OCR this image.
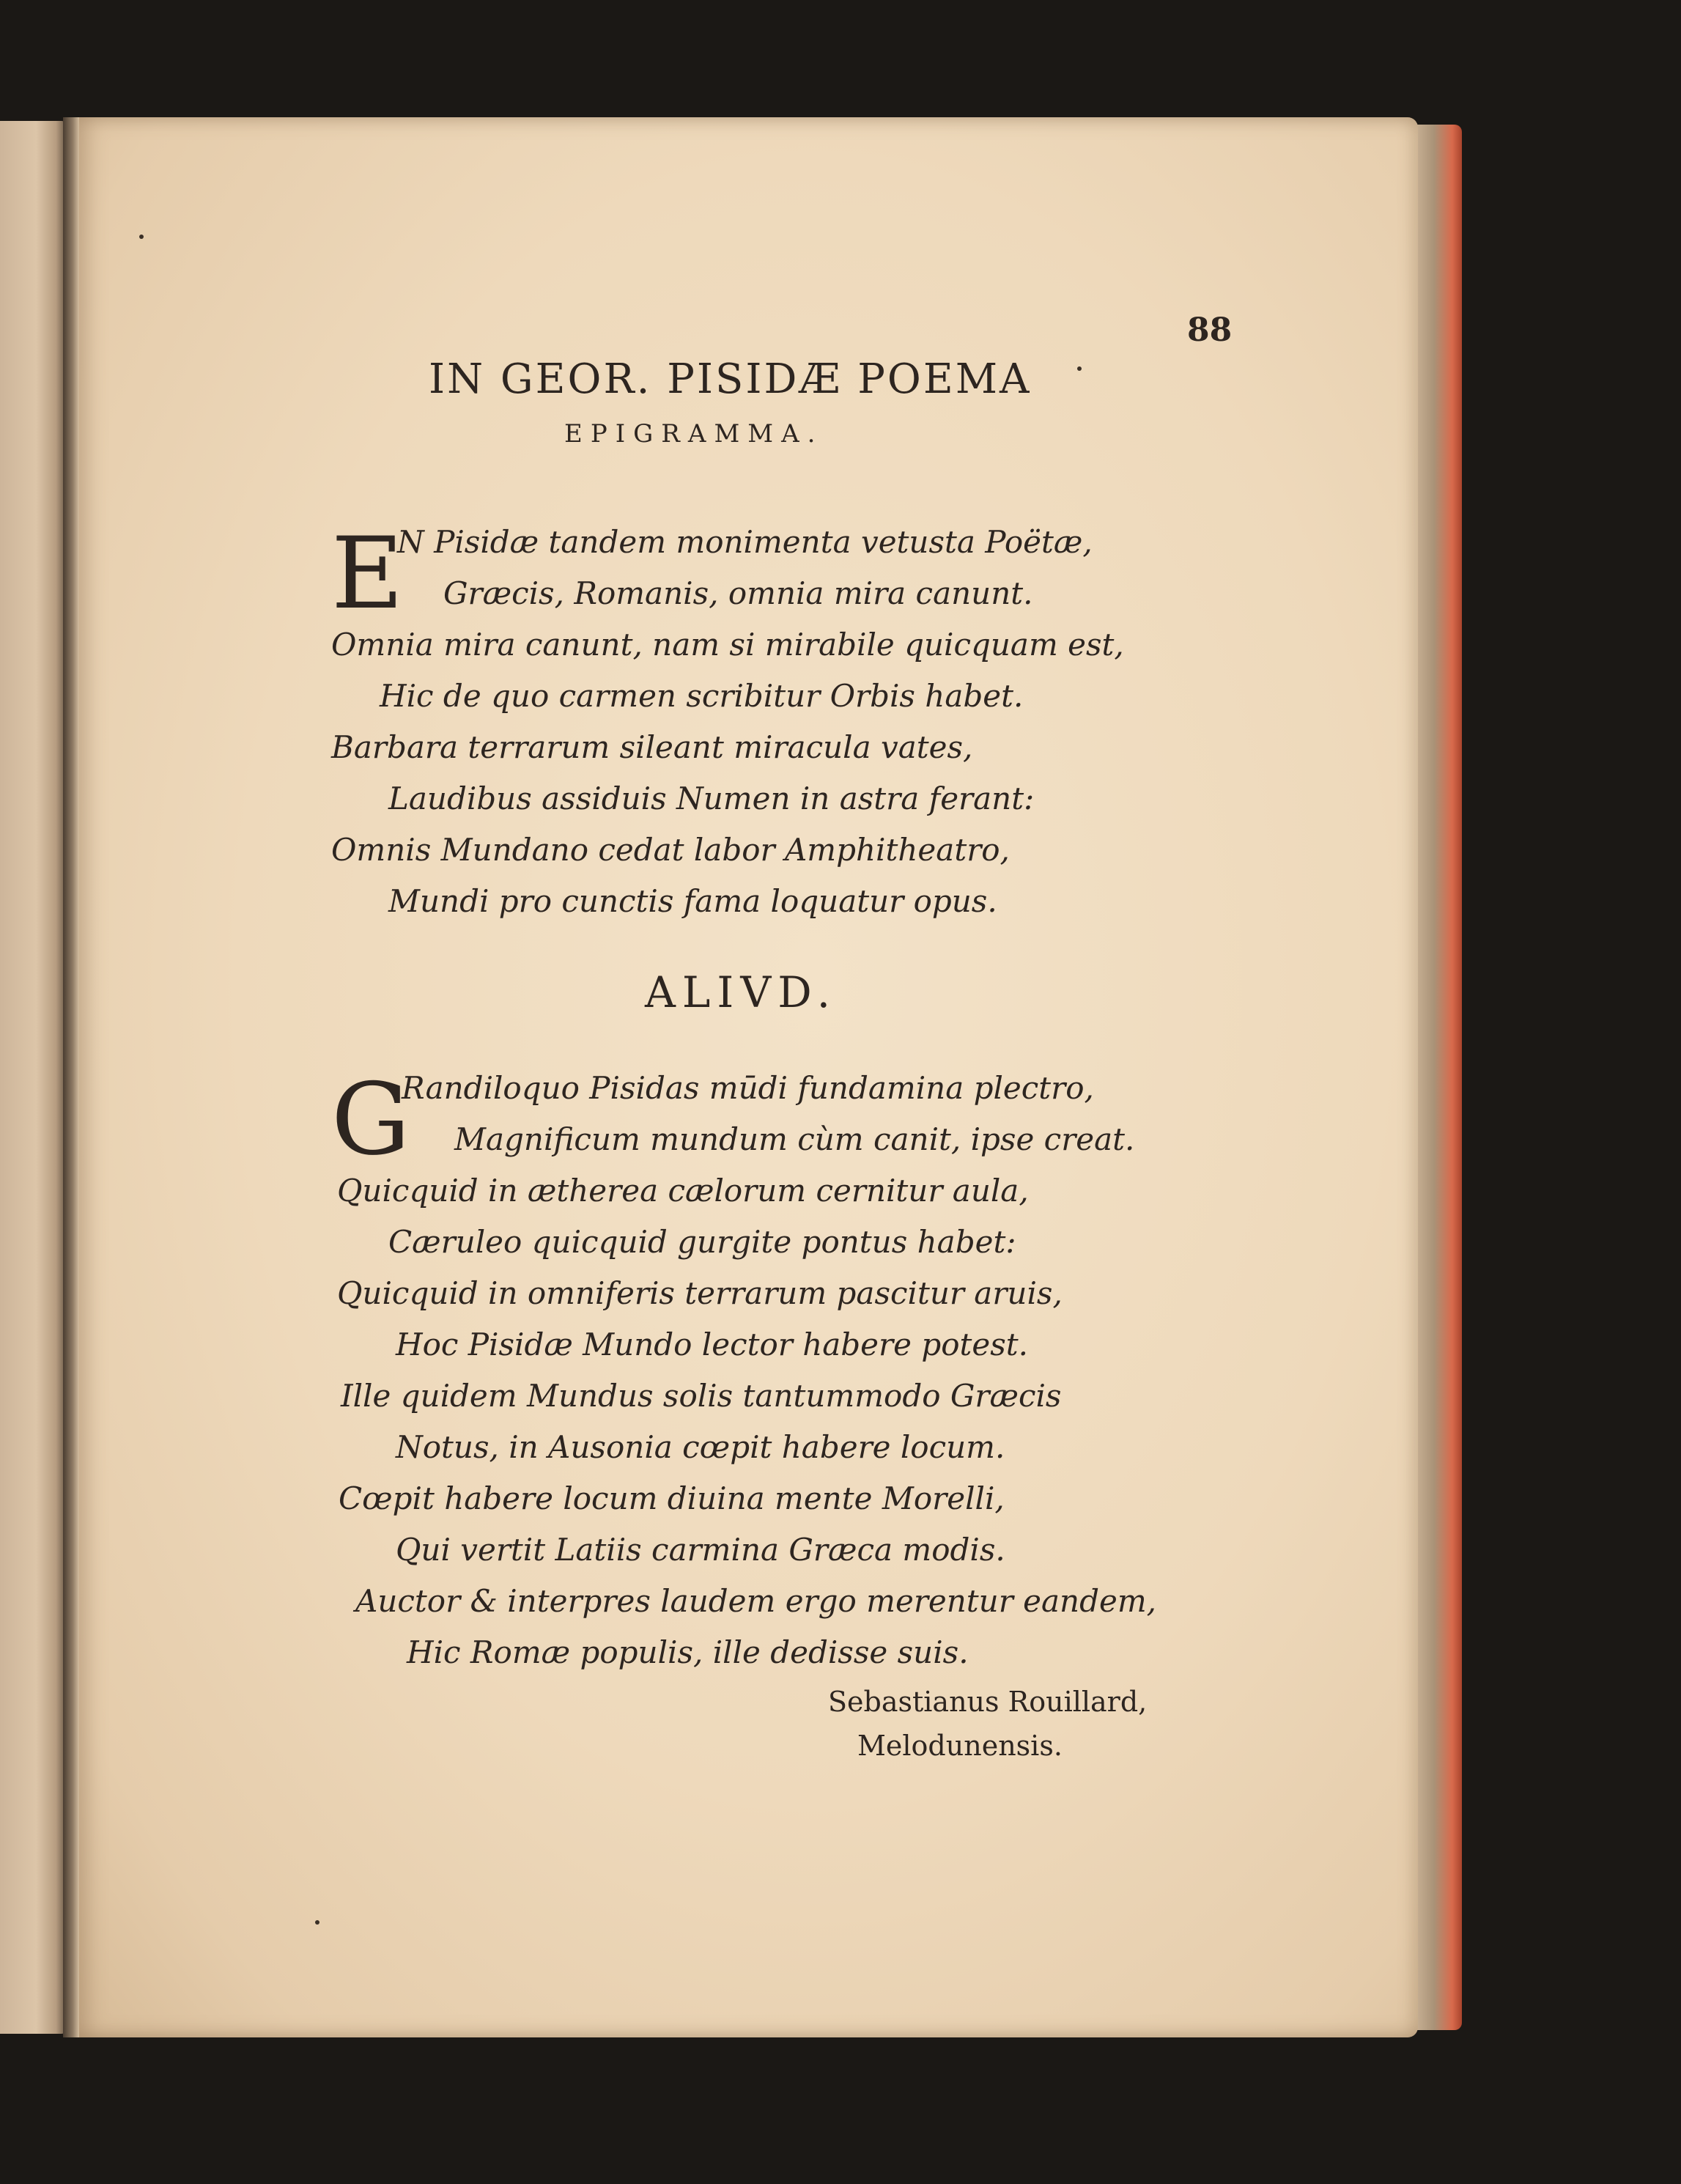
88
IN GEOR. PISIDÆ POEMA
EPIGRAMMA.
E
N Pisidæ tandem monimenta vetusta Poëtæ,
Græcis, Romanis, omnia mira canunt.
Omnia mira canunt, nam si mirabile quicquam est,
Hic de quo carmen scribitur Orbis habet.
Barbara terrarum sileant miracula vates,
Laudibus assiduis Numen in astra ferant:
Omnis Mundano cedat labor Amphitheatro,
Mundi pro cunctis fama loquatur opus.
ALIVD.
G
Randiloquo Pisidas mūdi fundamina plectro,
Magnificum mundum cùm canit, ipse creat.
Quicquid in ætherea cælorum cernitur aula,
Cæruleo quicquid gurgite pontus habet:
Quicquid in omniferis terrarum pascitur aruis,
Hoc Pisidæ Mundo lector habere potest.
Ille quidem Mundus solis tantummodo Græcis
Notus, in Ausonia cœpit habere locum.
Cœpit habere locum diuina mente Morelli,
Qui vertit Latiis carmina Græca modis.
Auctor & interpres laudem ergo merentur eandem,
Hic Romæ populis, ille dedisse suis.
Sebastianus Rouillard,
Melodunensis.
